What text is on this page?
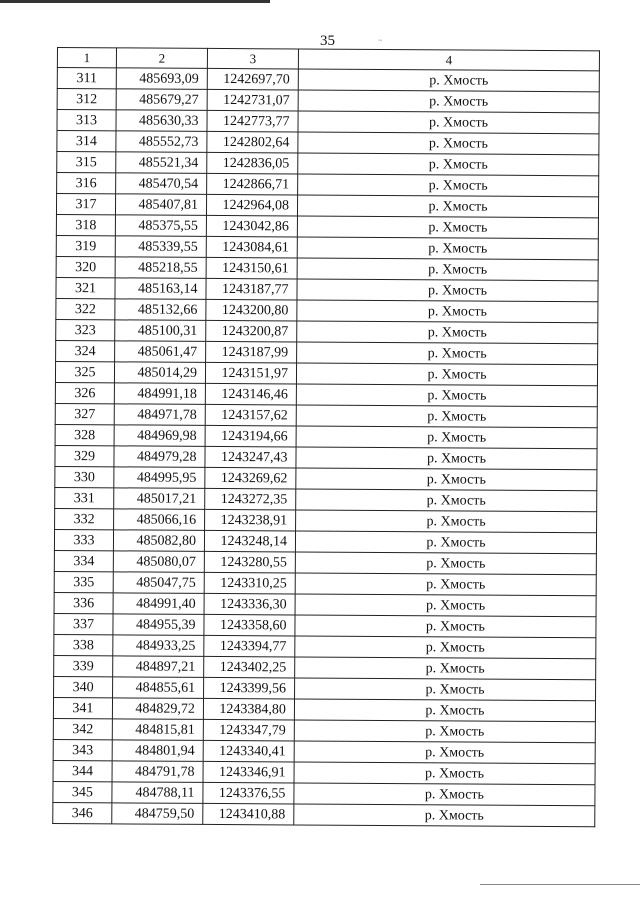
35	~
1	2	3	4
311	485693,09	1242697,70	р. Хмость
312	485679,27	1242731,07	р. Хмость
313	485630,33	1242773,77	р. Хмость
314	485552,73	1242802,64	р. Хмость
315	485521,34	1242836,05	р. Хмость
316	485470,54	1242866,71	р. Хмость
317	485407,81	1242964,08	р. Хмость
318	485375,55	1243042,86	р. Хмость
319	485339,55	1243084,61	р. Хмость
320	485218,55	1243150,61	р. Хмость
321	485163,14	1243187,77	р. Хмость
322	485132,66	1243200,80	р. Хмость
323	485100,31	1243200,87	р. Хмость
324	485061,47	1243187,99	р. Хмость
325	485014,29	1243151,97	р. Хмость
326	484991,18	1243146,46	р. Хмость
327	484971,78	1243157,62	р. Хмость
328	484969,98	1243194,66	р. Хмость
329	484979,28	1243247,43	р. Хмость
330	484995,95	1243269,62	р. Хмость
331	485017,21	1243272,35	р. Хмость
332	485066,16	1243238,91	р. Хмость
333	485082,80	1243248,14	р. Хмость
334	485080,07	1243280,55	р. Хмость
335	485047,75	1243310,25	р. Хмость
336	484991,40	1243336,30	р. Хмость
337	484955,39	1243358,60	р. Хмость
338	484933,25	1243394,77	р. Хмость
339	484897,21	1243402,25	р. Хмость
340	484855,61	1243399,56	р. Хмость
341	484829,72	1243384,80	р. Хмость
342	484815,81	1243347,79	р. Хмость
343	484801,94	1243340,41	р. Хмость
344	484791,78	1243346,91	р. Хмость
345	484788,11	1243376,55	р. Хмость
346	484759,50	1243410,88	р. Хмость
